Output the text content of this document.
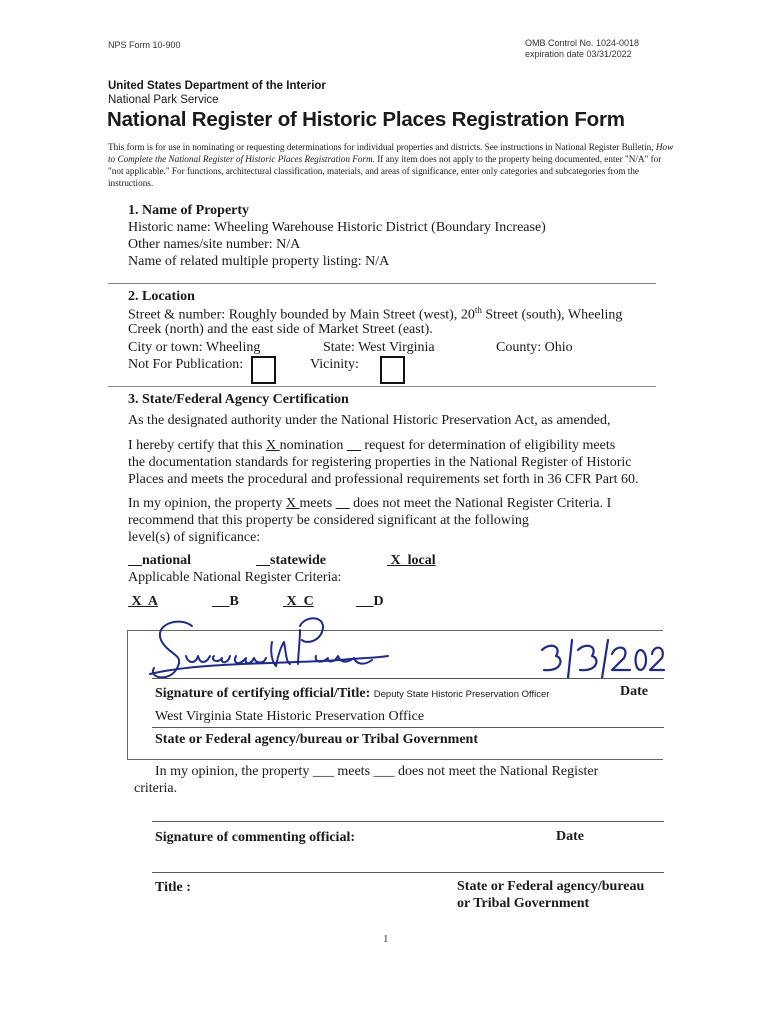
NPS Form 10-900	OMB Control No. 1024-0018
expiration date 03/31/2022
United States Department of the Interior
National Park Service
National Register of Historic Places Registration Form
This form is for use in nominating or requesting determinations for individual properties and districts. See instructions in National Register Bulletin, How to Complete the National Register of Historic Places Registration Form. If any item does not apply to the property being documented, enter "N/A" for "not applicable." For functions, architectural classification, materials, and areas of significance, enter only categories and subcategories from the instructions.
1. Name of Property
Historic name: Wheeling Warehouse Historic District (Boundary Increase)
Other names/site number: N/A
Name of related multiple property listing: N/A
2. Location
Street & number: Roughly bounded by Main Street (west), 20th Street (south), Wheeling
Creek (north) and the east side of Market Street (east).
City or town: Wheeling	State: West Virginia	County: Ohio
Not For Publication:	Vicinity:
3. State/Federal Agency Certification
As the designated authority under the National Historic Preservation Act, as amended,
I hereby certify that this X nomination      request for determination of eligibility meets
the documentation standards for registering properties in the National Register of Historic
Places and meets the procedural and professional requirements set forth in 36 CFR Part 60.
In my opinion, the property X meets      does not meet the National Register Criteria. I
recommend that this property be considered significant at the following
level(s) of significance:
national	statewide	X  local
Applicable National Register Criteria:
X  A	B	X  C	D
Signature of certifying official/Title: Deputy State Historic Preservation Officer	Date
West Virginia State Historic Preservation Office
State or Federal agency/bureau or Tribal Government
In my opinion, the property ___ meets ___ does not meet the National Register
criteria.
Signature of commenting official:	Date
Title :	State or Federal agency/bureau
or Tribal Government
1
